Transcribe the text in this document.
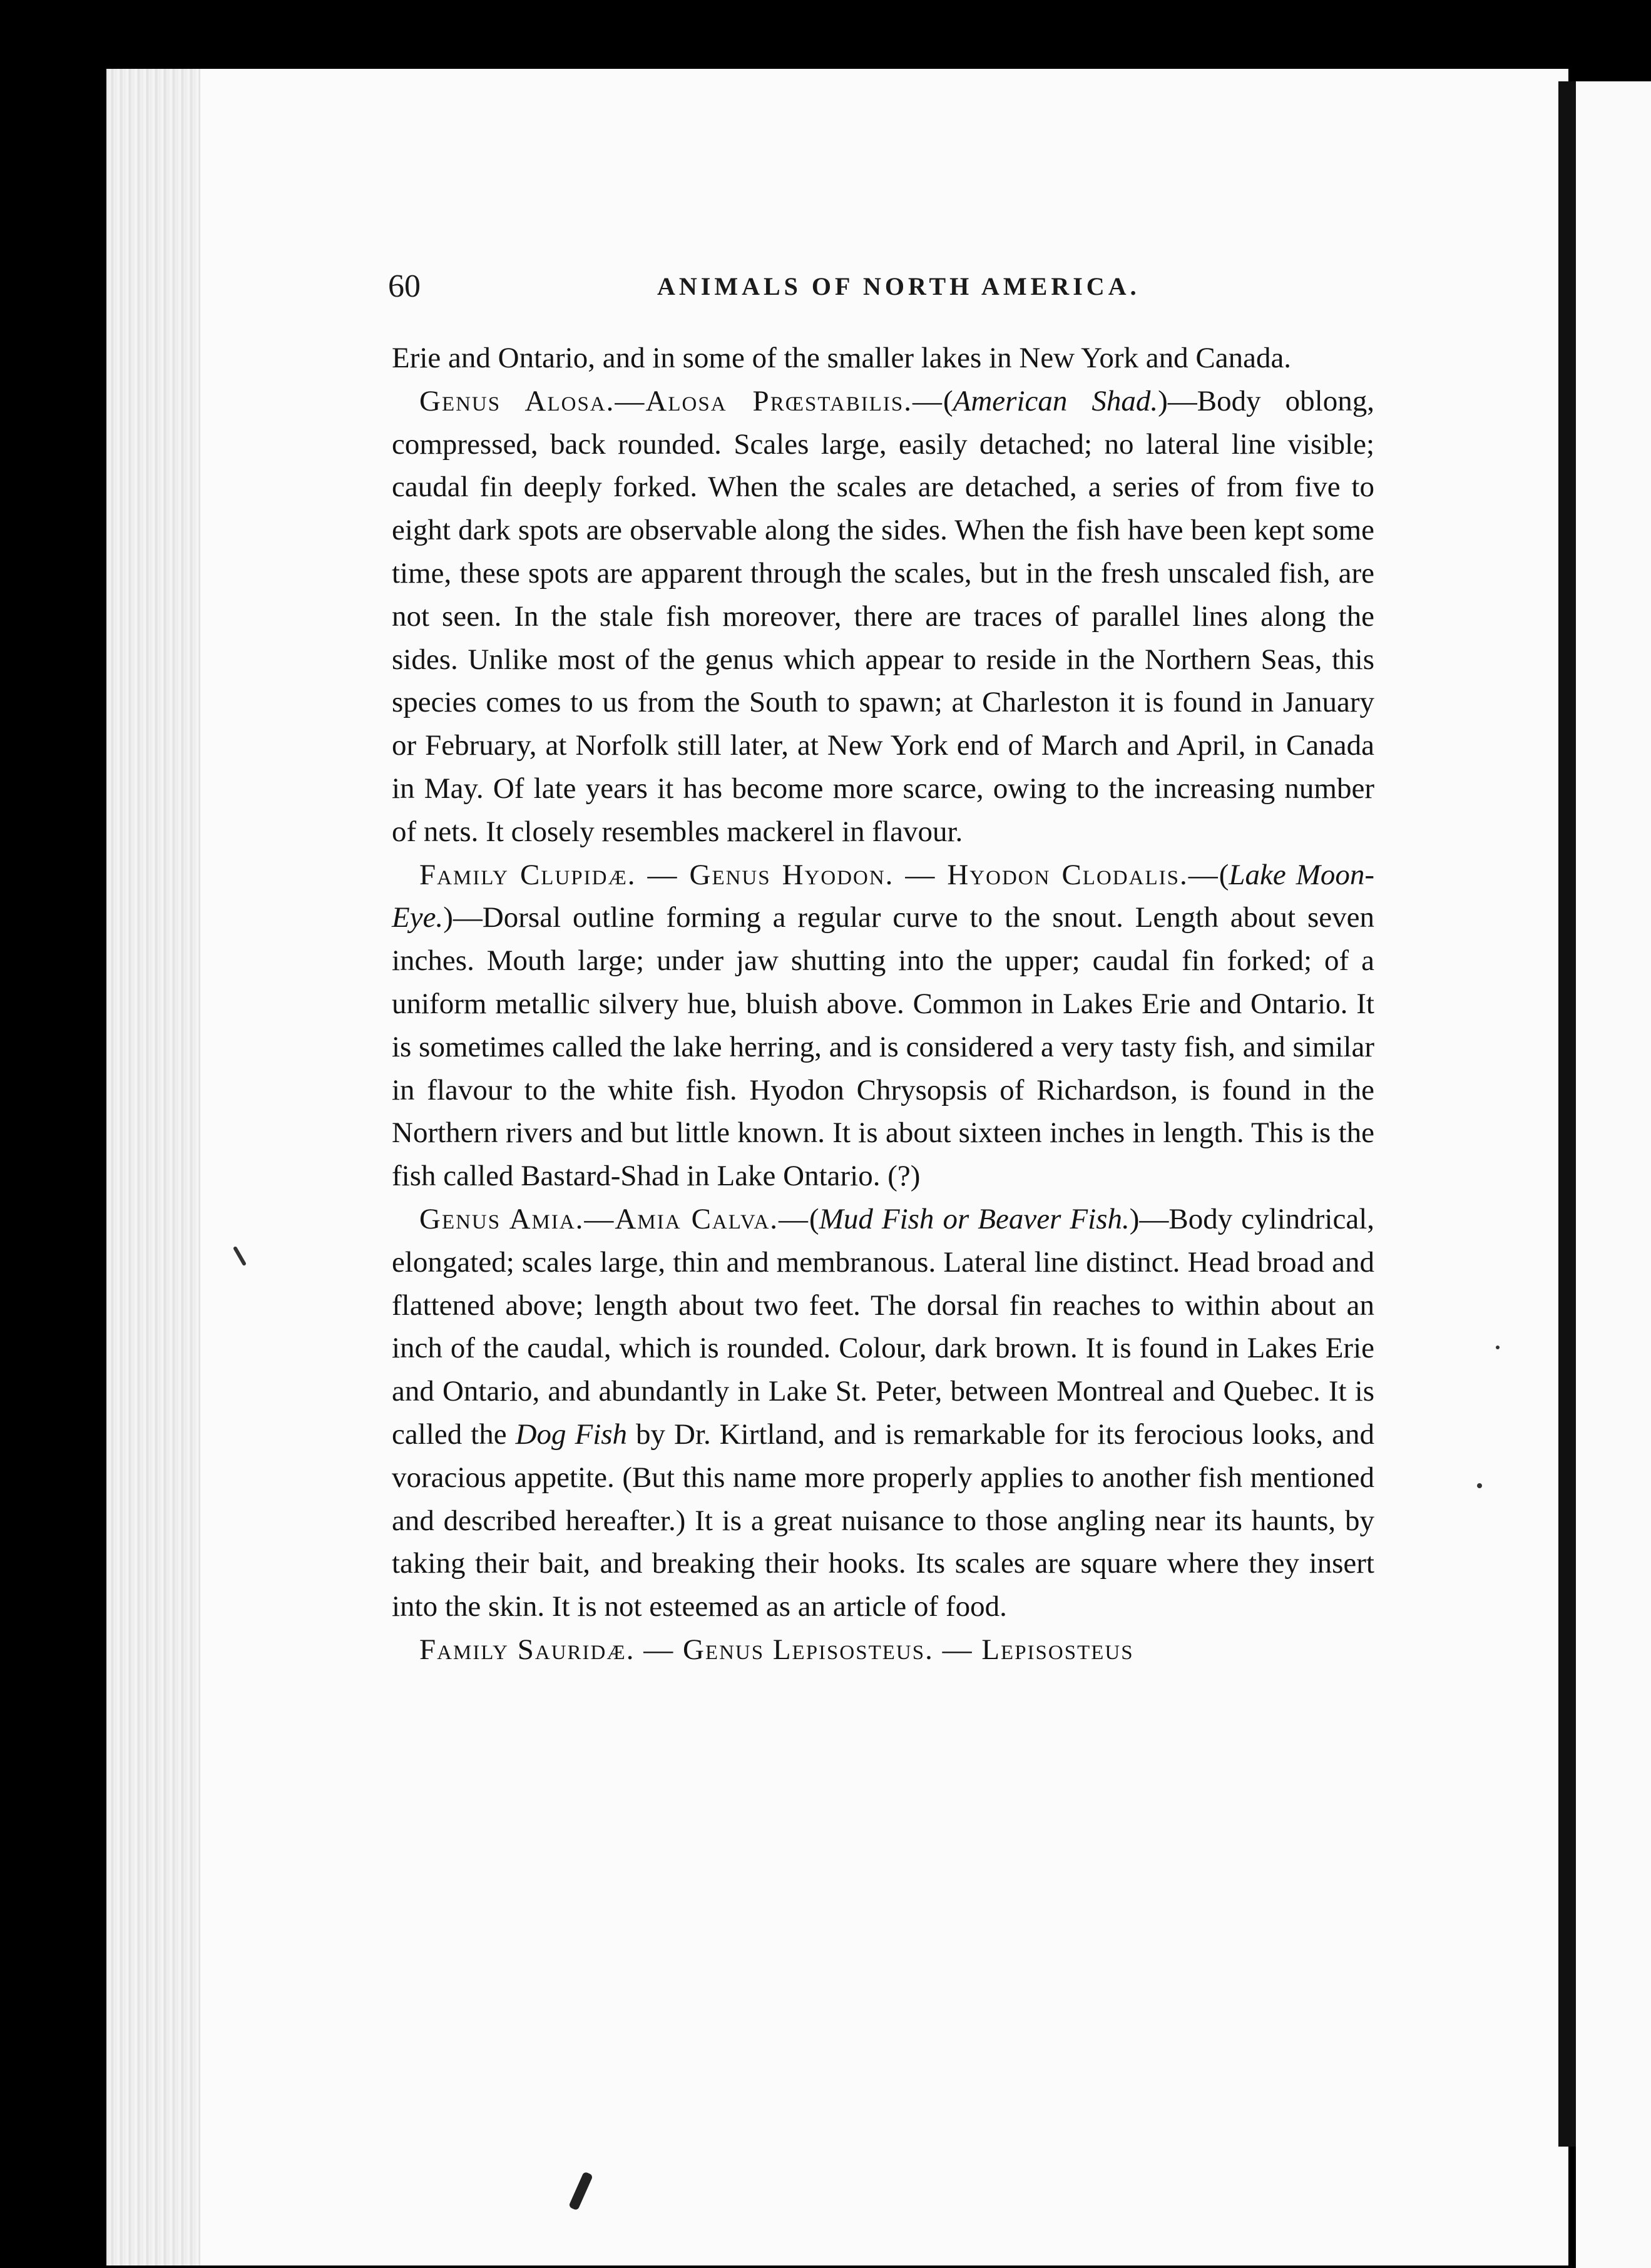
60	ANIMALS OF NORTH AMERICA.

Erie and Ontario, and in some of the smaller lakes in New York and Canada.

Genus Alosa.—Alosa Prœstabilis.—(American Shad.)—Body oblong, compressed, back rounded. Scales large, easily detached; no lateral line visible; caudal fin deeply forked. When the scales are detached, a series of from five to eight dark spots are observable along the sides. When the fish have been kept some time, these spots are apparent through the scales, but in the fresh unscaled fish, are not seen. In the stale fish moreover, there are traces of parallel lines along the sides. Unlike most of the genus which appear to reside in the Northern Seas, this species comes to us from the South to spawn; at Charleston it is found in January or February, at Norfolk still later, at New York end of March and April, in Canada in May. Of late years it has become more scarce, owing to the increasing number of nets. It closely resembles mackerel in flavour.

Family Clupidæ. — Genus Hyodon. — Hyodon Clodalis.—(Lake Moon-Eye.)—Dorsal outline forming a regular curve to the snout. Length about seven inches. Mouth large; under jaw shutting into the upper; caudal fin forked; of a uniform metallic silvery hue, bluish above. Common in Lakes Erie and Ontario. It is sometimes called the lake herring, and is considered a very tasty fish, and similar in flavour to the white fish. Hyodon Chrysopsis of Richardson, is found in the Northern rivers and but little known. It is about sixteen inches in length. This is the fish called Bastard-Shad in Lake Ontario. (?)

Genus Amia.—Amia Calva.—(Mud Fish or Beaver Fish.)—Body cylindrical, elongated; scales large, thin and membranous. Lateral line distinct. Head broad and flattened above; length about two feet. The dorsal fin reaches to within about an inch of the caudal, which is rounded. Colour, dark brown. It is found in Lakes Erie and Ontario, and abundantly in Lake St. Peter, between Montreal and Quebec. It is called the Dog Fish by Dr. Kirtland, and is remarkable for its ferocious looks, and voracious appetite. (But this name more properly applies to another fish mentioned and described hereafter.) It is a great nuisance to those angling near its haunts, by taking their bait, and breaking their hooks. Its scales are square where they insert into the skin. It is not esteemed as an article of food.

Family Sauridæ. — Genus Lepisosteus. — Lepisosteus
